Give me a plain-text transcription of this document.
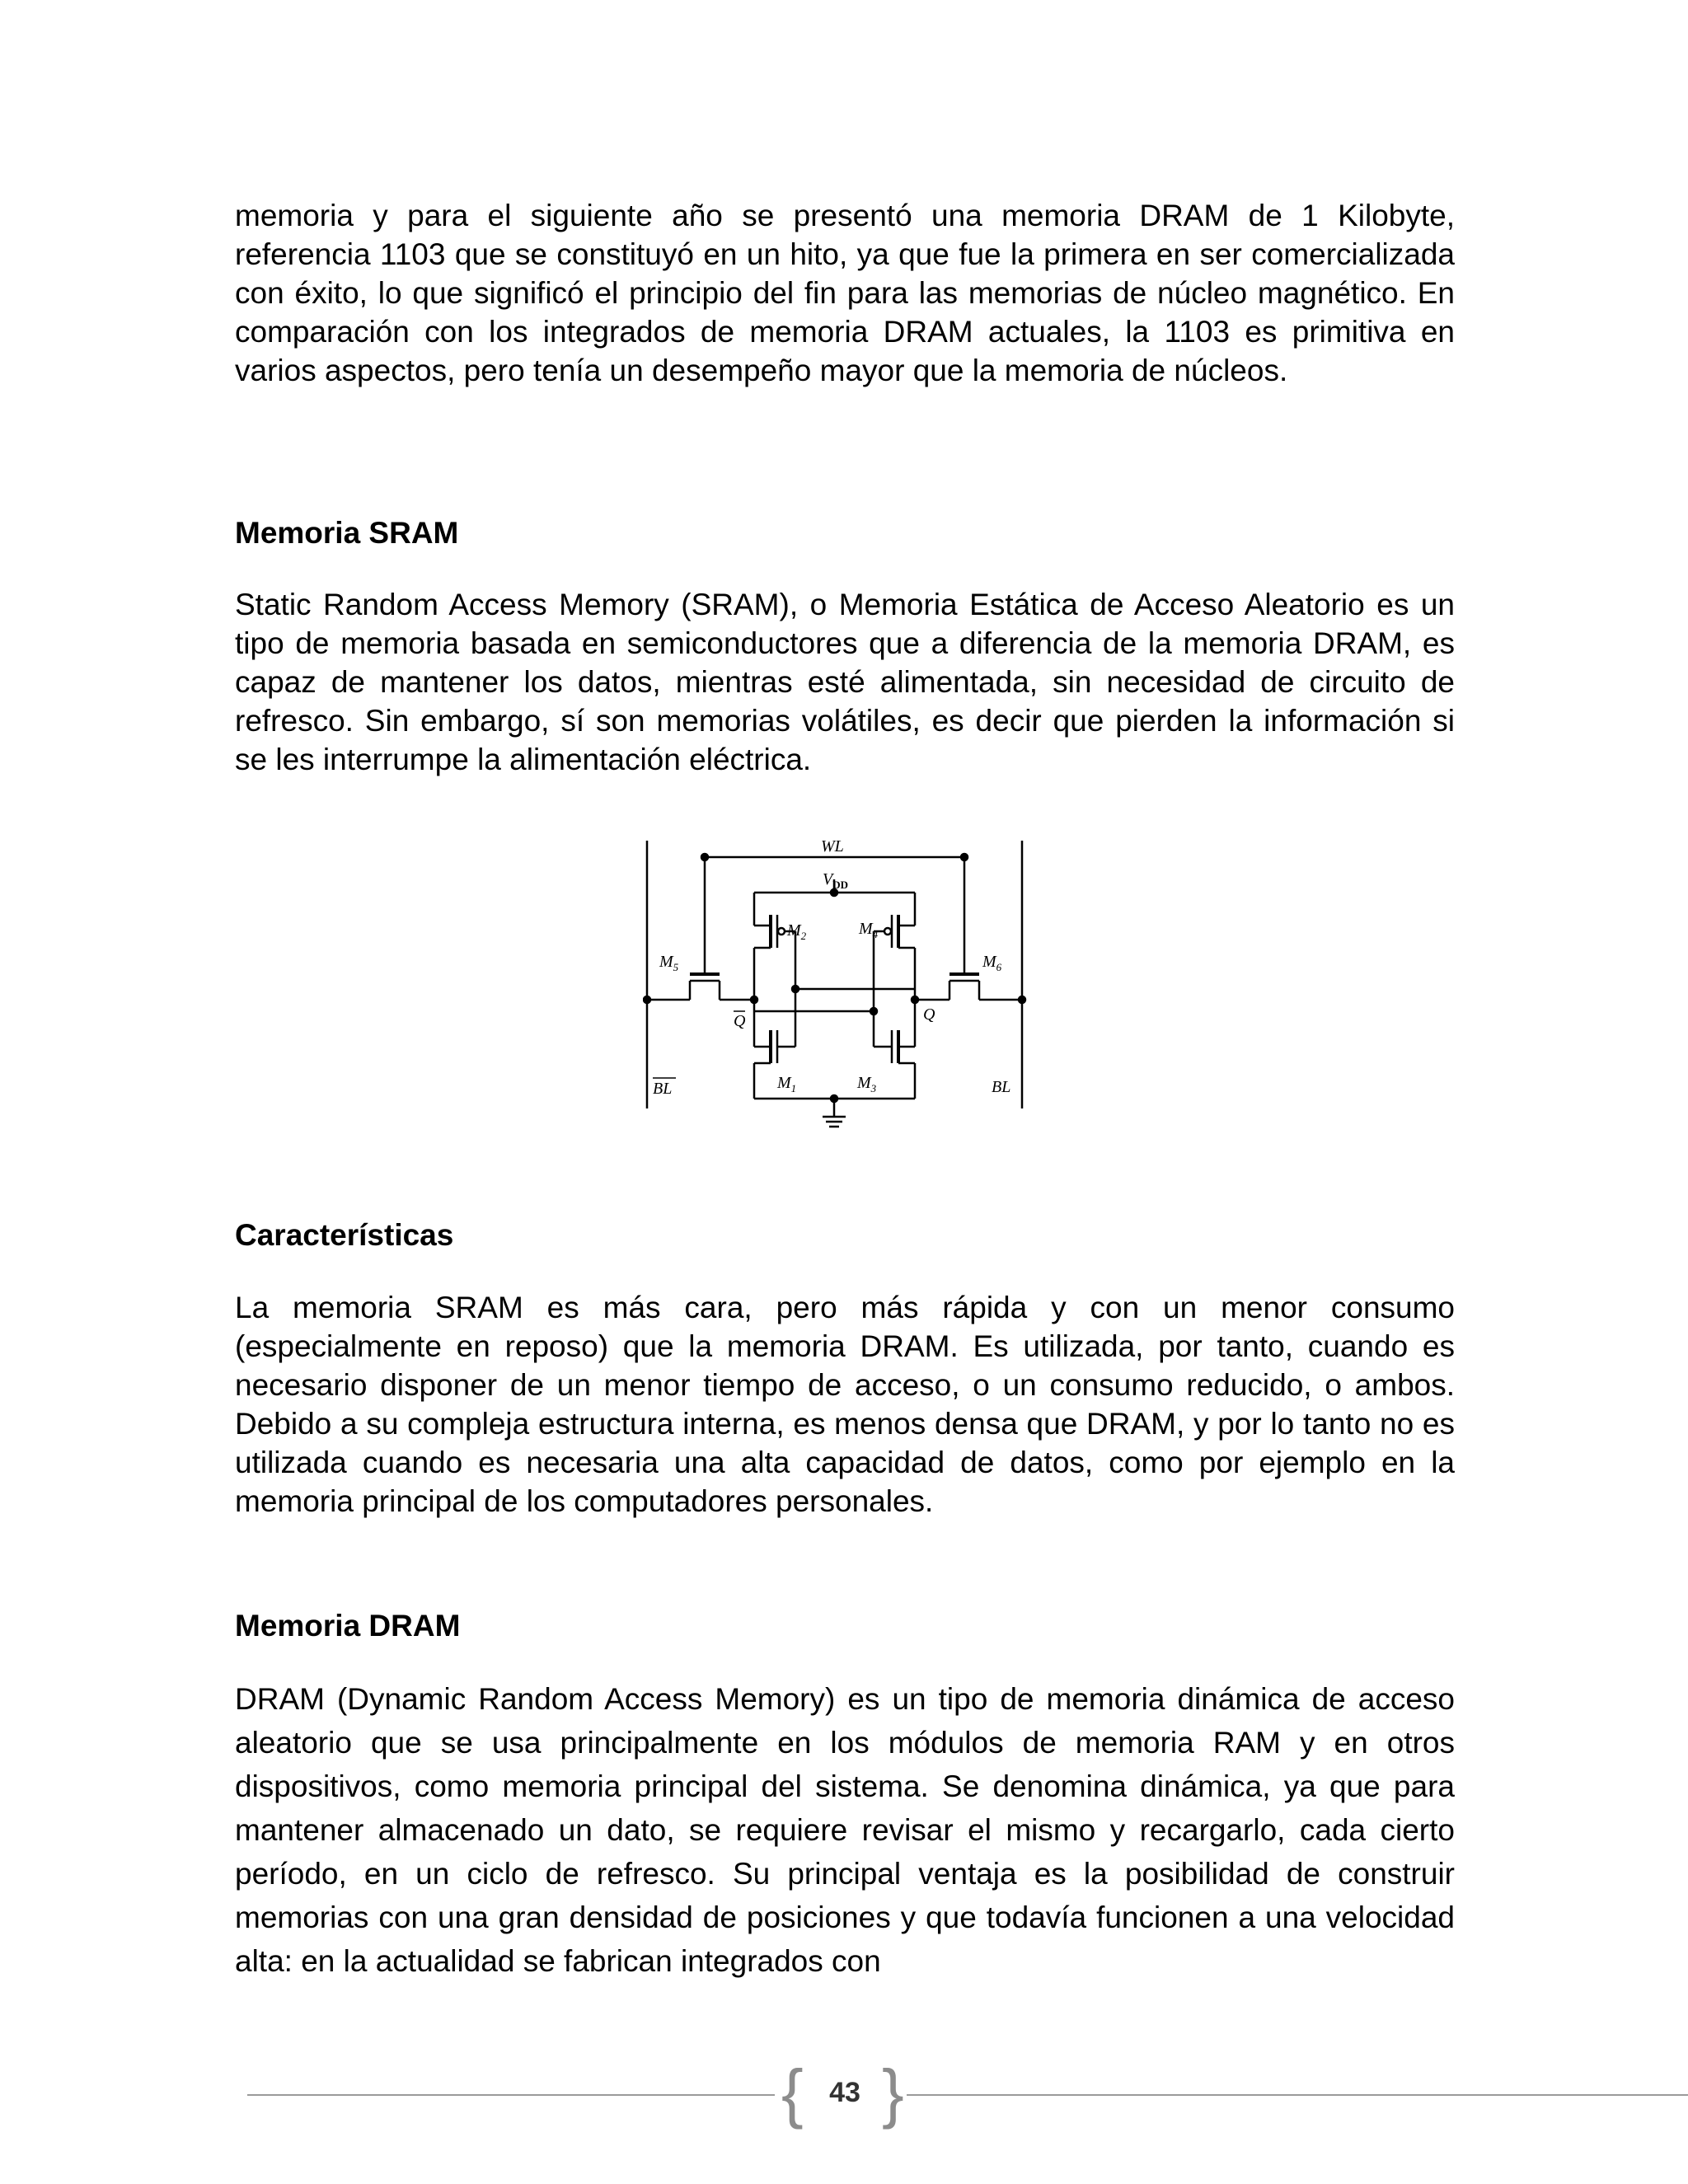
memoria y para el siguiente año se presentó una memoria DRAM de 1 Kilobyte, referencia 1103 que se constituyó en un hito, ya que fue la primera en ser comercializada con éxito, lo que significó el principio del fin para las memorias de núcleo magnético. En comparación con los integrados de memoria DRAM actuales, la 1103 es primitiva en varios aspectos, pero tenía un desempeño mayor que la memoria de núcleos.

Memoria SRAM

Static Random Access Memory (SRAM), o Memoria Estática de Acceso Aleatorio es un tipo de memoria basada en semiconductores que a diferencia de la memoria DRAM, es capaz de mantener los datos, mientras esté alimentada, sin necesidad de circuito de refresco. Sin embargo, sí son memorias volátiles, es decir que pierden la información si se les interrumpe la alimentación eléctrica.

WL
$V_{DD}$
$M_5$
$M_2$	$M_4$
$M_6$
Q	Q
$M_1$	$M_3$
BL	BL
Características

La memoria SRAM es más cara, pero más rápida y con un menor consumo (especialmente en reposo) que la memoria DRAM. Es utilizada, por tanto, cuando es necesario disponer de un menor tiempo de acceso, o un consumo reducido, o ambos. Debido a su compleja estructura interna, es menos densa que DRAM, y por lo tanto no es utilizada cuando es necesaria una alta capacidad de datos, como por ejemplo en la memoria principal de los computadores personales.

Memoria DRAM

DRAM (Dynamic Random Access Memory) es un tipo de memoria dinámica de acceso aleatorio que se usa principalmente en los módulos de memoria RAM y en otros dispositivos, como memoria principal del sistema. Se denomina dinámica, ya que para mantener almacenado un dato, se requiere revisar el mismo y recargarlo, cada cierto período, en un ciclo de refresco. Su principal ventaja es la posibilidad de construir memorias con una gran densidad de posiciones y que todavía funcionen a una velocidad alta: en la actualidad se fabrican integrados con

{ 43 }
